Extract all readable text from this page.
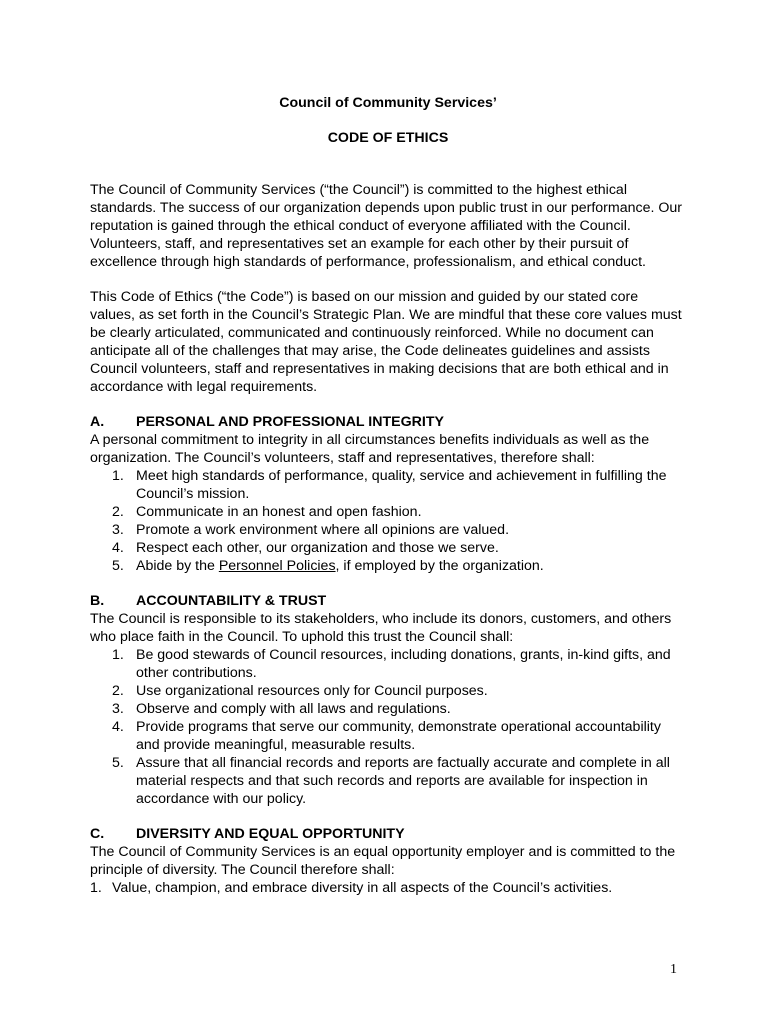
Council of Community Services’

CODE OF ETHICS

The Council of Community Services (“the Council”) is committed to the highest ethical standards. The success of our organization depends upon public trust in our performance. Our reputation is gained through the ethical conduct of everyone affiliated with the Council. Volunteers, staff, and representatives set an example for each other by their pursuit of excellence through high standards of performance, professionalism, and ethical conduct.

This Code of Ethics (“the Code”) is based on our mission and guided by our stated core values, as set forth in the Council’s Strategic Plan. We are mindful that these core values must be clearly articulated, communicated and continuously reinforced. While no document can anticipate all of the challenges that may arise, the Code delineates guidelines and assists Council volunteers, staff and representatives in making decisions that are both ethical and in accordance with legal requirements.

A.	PERSONAL AND PROFESSIONAL INTEGRITY

A personal commitment to integrity in all circumstances benefits individuals as well as the organization. The Council’s volunteers, staff and representatives, therefore shall:

1. Meet high standards of performance, quality, service and achievement in fulfilling the Council’s mission.
2. Communicate in an honest and open fashion.
3. Promote a work environment where all opinions are valued.
4. Respect each other, our organization and those we serve.
5. Abide by the Personnel Policies, if employed by the organization.
B.	ACCOUNTABILITY & TRUST

The Council is responsible to its stakeholders, who include its donors, customers, and others who place faith in the Council. To uphold this trust the Council shall:

1. Be good stewards of Council resources, including donations, grants, in-kind gifts, and other contributions.
2. Use organizational resources only for Council purposes.
3. Observe and comply with all laws and regulations.
4. Provide programs that serve our community, demonstrate operational accountability and provide meaningful, measurable results.
5. Assure that all financial records and reports are factually accurate and complete in all material respects and that such records and reports are available for inspection in accordance with our policy.
C.	DIVERSITY AND EQUAL OPPORTUNITY

The Council of Community Services is an equal opportunity employer and is committed to the principle of diversity. The Council therefore shall:

1. Value, champion, and embrace diversity in all aspects of the Council’s activities.
1
